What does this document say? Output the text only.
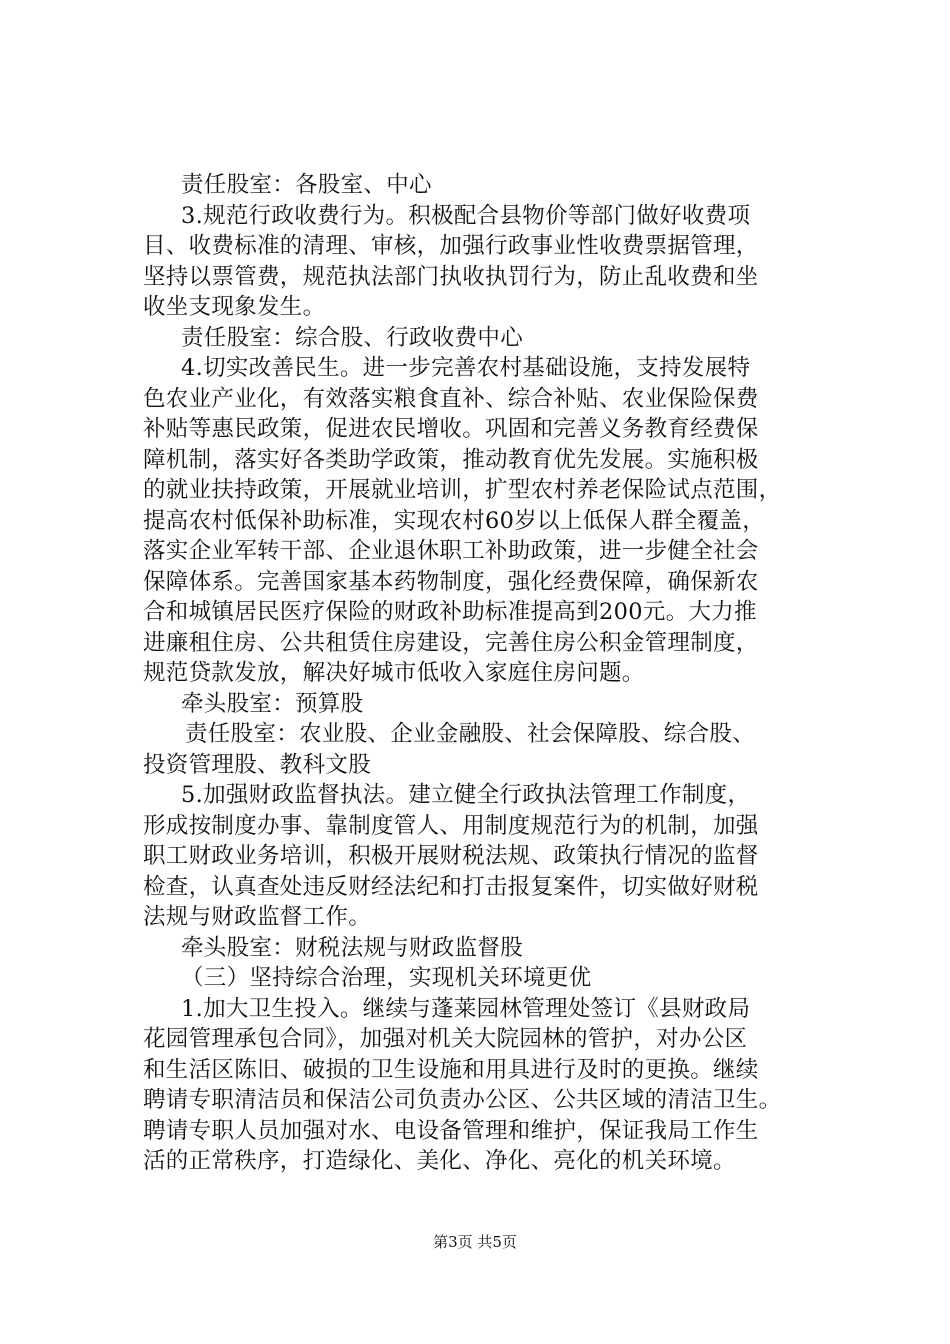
责任股室：各股室、中心
3.规范行政收费行为。积极配合县物价等部门做好收费项
目、收费标准的清理、审核，加强行政事业性收费票据管理，
坚持以票管费，规范执法部门执收执罚行为，防止乱收费和坐
收坐支现象发生。
责任股室：综合股、行政收费中心
4.切实改善民生。进一步完善农村基础设施，支持发展特
色农业产业化，有效落实粮食直补、综合补贴、农业保险保费
补贴等惠民政策，促进农民增收。巩固和完善义务教育经费保
障机制，落实好各类助学政策，推动教育优先发展。实施积极
的就业扶持政策，开展就业培训，扩型农村养老保险试点范围，
提高农村低保补助标准，实现农村60岁以上低保人群全覆盖，
落实企业军转干部、企业退休职工补助政策，进一步健全社会
保障体系。完善国家基本药物制度，强化经费保障，确保新农
合和城镇居民医疗保险的财政补助标准提高到200元。大力推
进廉租住房、公共租赁住房建设，完善住房公积金管理制度，
规范贷款发放，解决好城市低收入家庭住房问题。
牵头股室：预算股
责任股室：农业股、企业金融股、社会保障股、综合股、
投资管理股、教科文股
5.加强财政监督执法。建立健全行政执法管理工作制度，
形成按制度办事、靠制度管人、用制度规范行为的机制，加强
职工财政业务培训，积极开展财税法规、政策执行情况的监督
检查，认真查处违反财经法纪和打击报复案件，切实做好财税
法规与财政监督工作。
牵头股室：财税法规与财政监督股
（三）坚持综合治理，实现机关环境更优
1.加大卫生投入。继续与蓬莱园林管理处签订《县财政局
花园管理承包合同》，加强对机关大院园林的管护，对办公区
和生活区陈旧、破损的卫生设施和用具进行及时的更换。继续
聘请专职清洁员和保洁公司负责办公区、公共区域的清洁卫生。
聘请专职人员加强对水、电设备管理和维护，保证我局工作生
活的正常秩序，打造绿化、美化、净化、亮化的机关环境。
第3页 共5页
